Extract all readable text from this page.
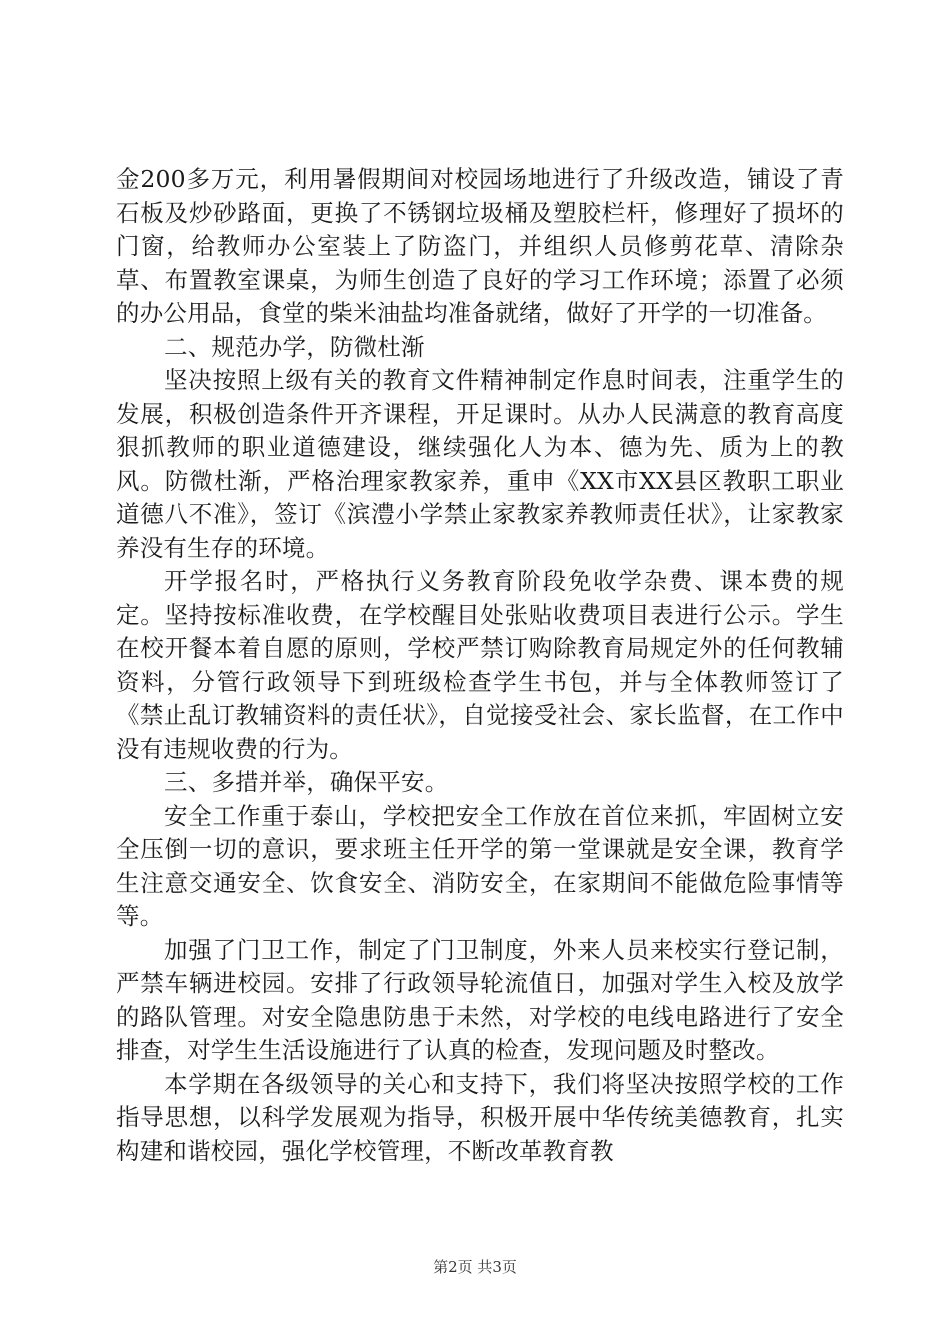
金200多万元，利用暑假期间对校园场地进行了升级改造，铺设了青石板及炒砂路面，更换了不锈钢垃圾桶及塑胶栏杆，修理好了损坏的门窗，给教师办公室装上了防盗门，并组织人员修剪花草、清除杂草、布置教室课桌，为师生创造了良好的学习工作环境；添置了必须的办公用品，食堂的柴米油盐均准备就绪，做好了开学的一切准备。

二、规范办学，防微杜渐

坚决按照上级有关的教育文件精神制定作息时间表，注重学生的发展，积极创造条件开齐课程，开足课时。从办人民满意的教育高度狠抓教师的职业道德建设，继续强化人为本、德为先、质为上的教风。防微杜渐，严格治理家教家养，重申《XX市XX县区教职工职业道德八不准》，签订《滨澧小学禁止家教家养教师责任状》，让家教家养没有生存的环境。

开学报名时，严格执行义务教育阶段免收学杂费、课本费的规定。坚持按标准收费，在学校醒目处张贴收费项目表进行公示。学生在校开餐本着自愿的原则，学校严禁订购除教育局规定外的任何教辅资料，分管行政领导下到班级检查学生书包，并与全体教师签订了《禁止乱订教辅资料的责任状》，自觉接受社会、家长监督，在工作中没有违规收费的行为。

三、多措并举，确保平安。

安全工作重于泰山，学校把安全工作放在首位来抓，牢固树立安全压倒一切的意识，要求班主任开学的第一堂课就是安全课，教育学生注意交通安全、饮食安全、消防安全，在家期间不能做危险事情等等。

加强了门卫工作，制定了门卫制度，外来人员来校实行登记制，严禁车辆进校园。安排了行政领导轮流值日，加强对学生入校及放学的路队管理。对安全隐患防患于未然，对学校的电线电路进行了安全排查，对学生生活设施进行了认真的检查，发现问题及时整改。

本学期在各级领导的关心和支持下，我们将坚决按照学校的工作指导思想，以科学发展观为指导，积极开展中华传统美德教育，扎实构建和谐校园，强化学校管理，不断改革教育教

第2页 共3页
